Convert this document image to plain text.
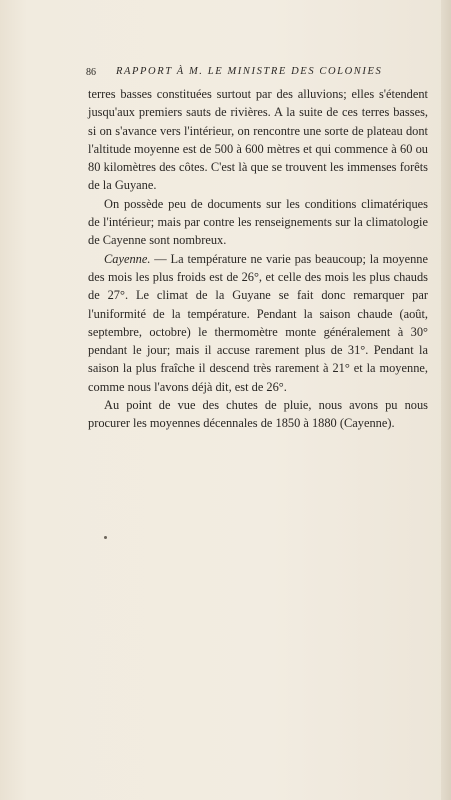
86 RAPPORT À M. LE MINISTRE DES COLONIES

terres basses constituées surtout par des alluvions; elles s'étendent jusqu'aux premiers sauts de rivières. A la suite de ces terres basses, si on s'avance vers l'intérieur, on rencontre une sorte de plateau dont l'altitude moyenne est de 500 à 600 mètres et qui commence à 60 ou 80 kilomètres des côtes. C'est là que se trouvent les immenses forêts de la Guyane.

On possède peu de documents sur les conditions climatériques de l'intérieur; mais par contre les renseignements sur la climatologie de Cayenne sont nombreux.

Cayenne. — La température ne varie pas beaucoup; la moyenne des mois les plus froids est de 26°, et celle des mois les plus chauds de 27°. Le climat de la Guyane se fait donc remarquer par l'uniformité de la température. Pendant la saison chaude (août, septembre, octobre) le thermomètre monte généralement à 30° pendant le jour; mais il accuse rarement plus de 31°. Pendant la saison la plus fraîche il descend très rarement à 21° et la moyenne, comme nous l'avons déjà dit, est de 26°.

Au point de vue des chutes de pluie, nous avons pu nous procurer les moyennes décennales de 1850 à 1880 (Cayenne).
